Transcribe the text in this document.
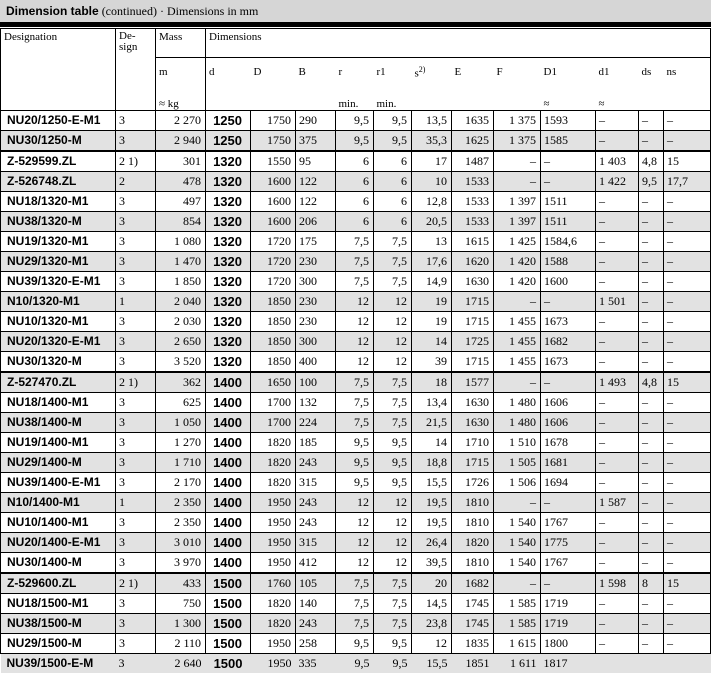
Dimension table (continued) · Dimensions in mm
Designation	De-
sign	Mass	Dimensions											
		m	d	D	B	r	r1	$s^{2)}$	E	F	D1	d1	ds	ns
		≈ kg				min.	min.				≈	≈		
NU20/1250-E-M1	3	2 270	1250	1750	290	9,5	9,5	13,5	1635	1 375	1593	–	–	–
NU30/1250-M	3	2 940	1250	1750	375	9,5	9,5	35,3	1625	1 375	1585	–	–	–
Z-529599.ZL	2 1)	301	1320	1550	95	6	6	17	1487	–	–	1 403	4,8	15
Z-526748.ZL	2	478	1320	1600	122	6	6	10	1533	–	–	1 422	9,5	17,7
NU18/1320-M1	3	497	1320	1600	122	6	6	12,8	1533	1 397	1511	–	–	–
NU38/1320-M	3	854	1320	1600	206	6	6	20,5	1533	1 397	1511	–	–	–
NU19/1320-M1	3	1 080	1320	1720	175	7,5	7,5	13	1615	1 425	1584,6	–	–	–
NU29/1320-M1	3	1 470	1320	1720	230	7,5	7,5	17,6	1620	1 420	1588	–	–	–
NU39/1320-E-M1	3	1 850	1320	1720	300	7,5	7,5	14,9	1630	1 420	1600	–	–	–
N10/1320-M1	1	2 040	1320	1850	230	12	12	19	1715	–	–	1 501	–	–
NU10/1320-M1	3	2 030	1320	1850	230	12	12	19	1715	1 455	1673	–	–	–
NU20/1320-E-M1	3	2 650	1320	1850	300	12	12	14	1725	1 455	1682	–	–	–
NU30/1320-M	3	3 520	1320	1850	400	12	12	39	1715	1 455	1673	–	–	–
Z-527470.ZL	2 1)	362	1400	1650	100	7,5	7,5	18	1577	–	–	1 493	4,8	15
NU18/1400-M1	3	625	1400	1700	132	7,5	7,5	13,4	1630	1 480	1606	–	–	–
NU38/1400-M	3	1 050	1400	1700	224	7,5	7,5	21,5	1630	1 480	1606	–	–	–
NU19/1400-M1	3	1 270	1400	1820	185	9,5	9,5	14	1710	1 510	1678	–	–	–
NU29/1400-M	3	1 710	1400	1820	243	9,5	9,5	18,8	1715	1 505	1681	–	–	–
NU39/1400-E-M1	3	2 170	1400	1820	315	9,5	9,5	15,5	1726	1 506	1694	–	–	–
N10/1400-M1	1	2 350	1400	1950	243	12	12	19,5	1810	–	–	1 587	–	–
NU10/1400-M1	3	2 350	1400	1950	243	12	12	19,5	1810	1 540	1767	–	–	–
NU20/1400-E-M1	3	3 010	1400	1950	315	12	12	26,4	1820	1 540	1775	–	–	–
NU30/1400-M	3	3 970	1400	1950	412	12	12	39,5	1810	1 540	1767	–	–	–
Z-529600.ZL	2 1)	433	1500	1760	105	7,5	7,5	20	1682	–	–	1 598	8	15
NU18/1500-M1	3	750	1500	1820	140	7,5	7,5	14,5	1745	1 585	1719	–	–	–
NU38/1500-M	3	1 300	1500	1820	243	7,5	7,5	23,8	1745	1 585	1719	–	–	–
NU29/1500-M	3	2 110	1500	1950	258	9,5	9,5	12	1835	1 615	1800	–	–	–
NU39/1500-E-M	3	2 640	1500	1950	335	9,5	9,5	15,5	1851	1 611	1817			
